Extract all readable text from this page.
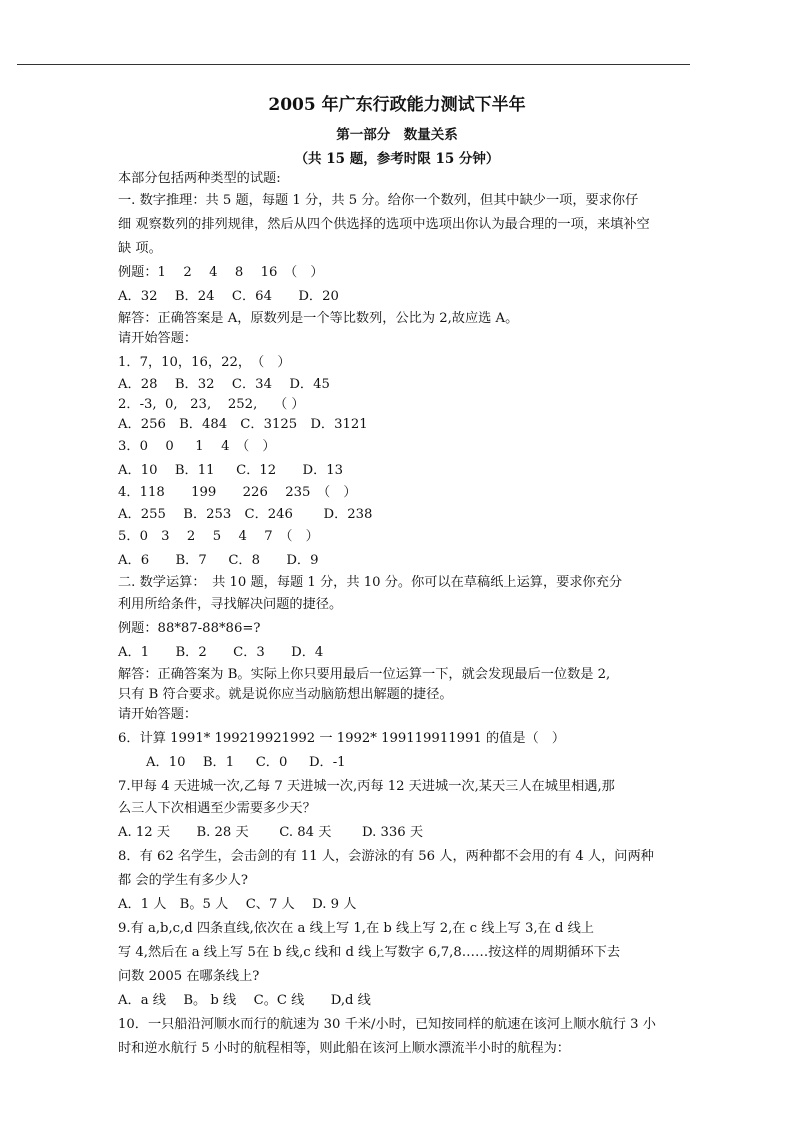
2005 年广东行政能力测试下半年
第一部分　数量关系
（共 15 题，参考时限 15 分钟）

本部分包括两种类型的试题:

一. 数字推理：共 5 题，每题 1 分，共 5 分。给你一个数列，但其中缺少一项，要求你仔

细 观察数列的排列规律，然后从四个供选择的选项中选项出你认为最合理的一项，来填补空

缺 项。

例题：1　 2　 4　 8　 16　（　）

A．32　 B．24　 C．64　　D．20

解答：正确答案是 A，原数列是一个等比数列，公比为 2,故应选 A。

请开始答题：

1．7，10，16，22，　（　）

A．28　 B．32　 C．34　 D．45

2．-3,  0,   23,    252,    （ ）

A．256　B．484　C．3125　D．3121

3．0　 0　  1　 4　（　）

A．10　 B．11　  C．12　　D．13

4．118　　199　　226　 235　（　）

A．255　 B．253　C．246　　 D．238

5．0　3　 2　 5　 4　 7　（　）

A．6　　B．7　  C．8　　D．9

二. 数学运算：　共 10 题，每题 1 分，共 10 分。你可以在草稿纸上运算，要求你充分

利用所给条件，寻找解决问题的捷径。

例题：88*87-88*86=?

A．1　　B．2　　C．3　　D．4

解答：正确答案为 B。实际上你只要用最后一位运算一下，就会发现最后一位数是 2,

只有 B 符合要求。就是说你应当动脑筋想出解题的捷径。

请开始答题：

6．计算 1991* 199219921992 一 1992* 199119911991 的值是（　）

A．10　 B．1　  C．0　  D．-1

7.甲每 4 天进城一次,乙每 7 天进城一次,丙每 12 天进城一次,某天三人在城里相遇,那

么三人下次相遇至少需要多少天？

A. 12 天　　B. 28 天　　 C. 84 天　　 D. 336 天

8．有 62 名学生，会击剑的有 11 人，会游泳的有 56 人，两种都不会用的有 4 人，问两种

都 会的学生有多少人?

A．1 人　B。5 人　 C、7 人　 D. 9 人

9.有 a,b,c,d 四条直线,依次在 a 线上写 1,在 b 线上写 2,在 c 线上写 3,在 d 线上

写 4,然后在 a 线上写 5在 b 线,c 线和 d 线上写数字 6,7,8……按这样的周期循环下去

问数 2005 在哪条线上?

A．a 线　 B。 b 线　 C。C 线　　D,d 线

10．一只船沿河顺水而行的航速为 30 千米/小时，已知按同样的航速在该河上顺水航行 3 小

时和逆水航行 5 小时的航程相等，则此船在该河上顺水漂流半小时的航程为：
